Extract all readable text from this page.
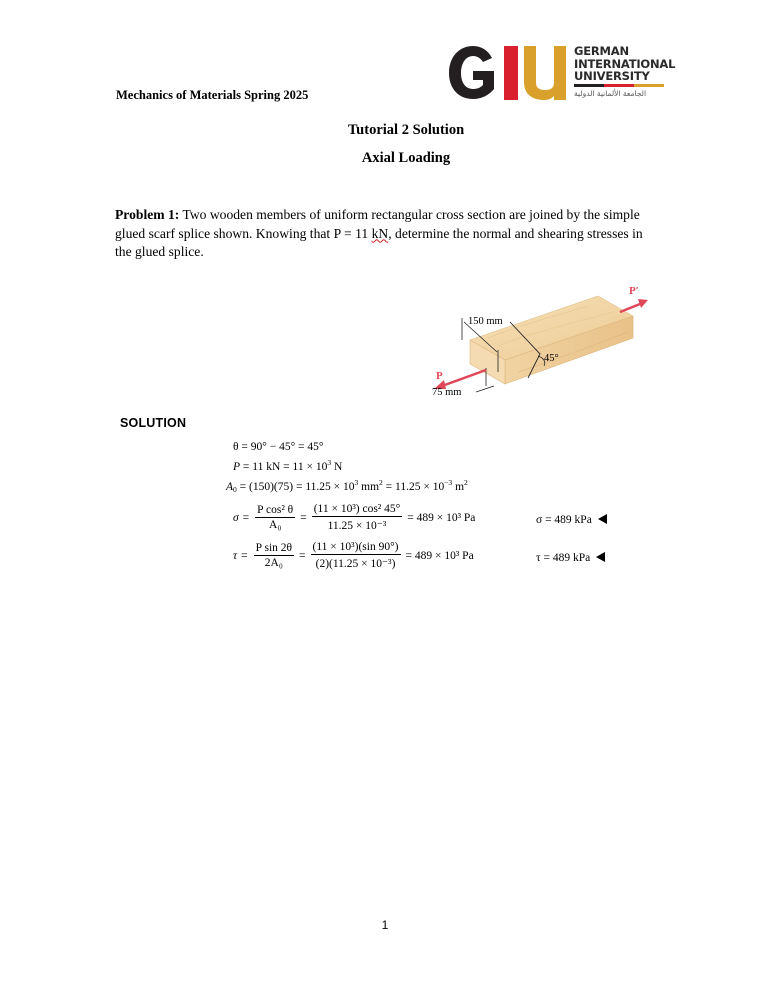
GERMAN
INTERNATIONAL
UNIVERSITY
الجامعة الألمانية الدولية
Mechanics of Materials Spring 2025
Tutorial 2 Solution
Axial Loading
Problem 1: Two wooden members of uniform rectangular cross section are joined by the simple glued scarf splice shown. Knowing that P = 11 kN, determine the normal and shearing stresses in the glued splice.
150 mm
75 mm
45°
P
P′
SOLUTION
θ = 90° − 45° = 45°
P = 11 kN = $11 \times 10^3$ N
$A_0 = (150)(75) = 11.25 \times 10^3$ $mm^2 = 11.25 \times 10^{-3}$ $m^2$
$\sigma = \frac{\text{P cos² θ}}{\text{A₀}} = \frac{\text{(11 × 10³) cos² 45°}}{\text{11.25 × 10⁻³}} = 489 \times 10^3$ Pa	σ = 489 kPa
$\tau = \frac{\text{P sin 2θ}}{\text{2A₀}} = \frac{\text{(11 × 10³)(sin 90°)}}{\text{(2)(11.25 × 10⁻³)}} = 489 \times 10^3$ Pa	τ = 489 kPa
1
